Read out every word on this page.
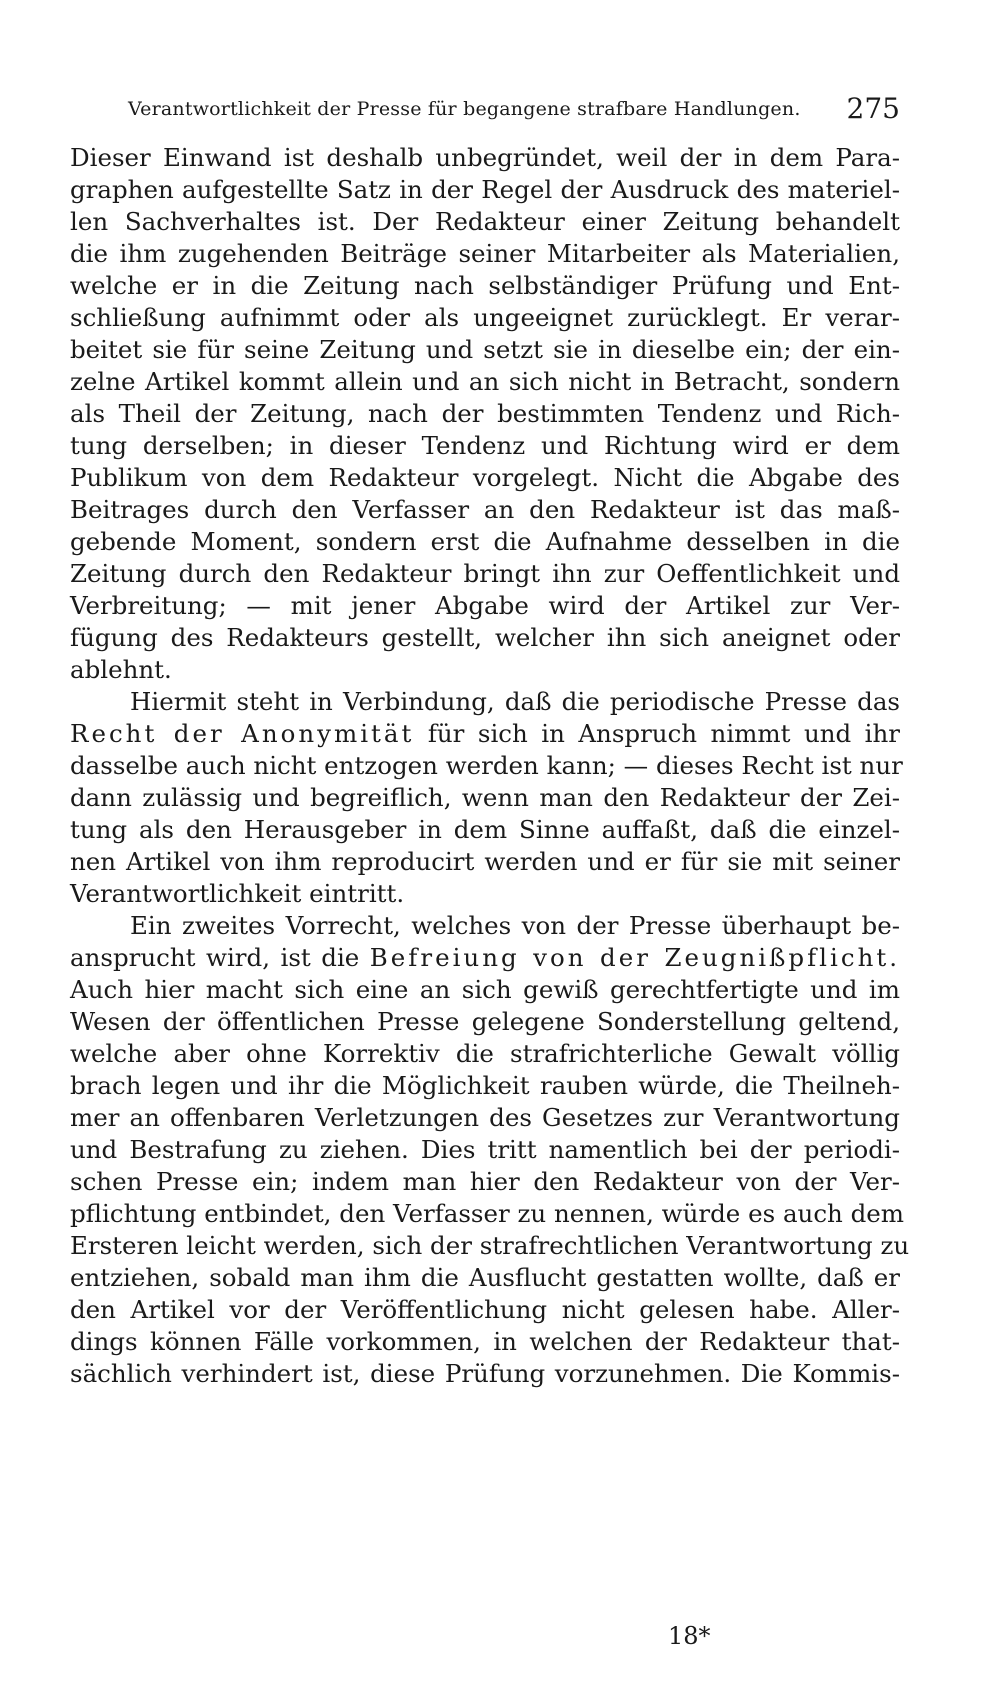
Verantwortlichkeit der Presse für begangene strafbare Handlungen. 275
Dieser Einwand ist deshalb unbegründet, weil der in dem Para-
graphen aufgestellte Satz in der Regel der Ausdruck des materiel-
len Sachverhaltes ist. Der Redakteur einer Zeitung behandelt
die ihm zugehenden Beiträge seiner Mitarbeiter als Materialien,
welche er in die Zeitung nach selbständiger Prüfung und Ent-
schließung aufnimmt oder als ungeeignet zurücklegt. Er verar-
beitet sie für seine Zeitung und setzt sie in dieselbe ein; der ein-
zelne Artikel kommt allein und an sich nicht in Betracht, sondern
als Theil der Zeitung, nach der bestimmten Tendenz und Rich-
tung derselben; in dieser Tendenz und Richtung wird er dem
Publikum von dem Redakteur vorgelegt. Nicht die Abgabe des
Beitrages durch den Verfasser an den Redakteur ist das maß-
gebende Moment, sondern erst die Aufnahme desselben in die
Zeitung durch den Redakteur bringt ihn zur Oeffentlichkeit und
Verbreitung; — mit jener Abgabe wird der Artikel zur Ver-
fügung des Redakteurs gestellt, welcher ihn sich aneignet oder
ablehnt.
Hiermit steht in Verbindung, daß die periodische Presse das
Recht der Anonymität für sich in Anspruch nimmt und ihr
dasselbe auch nicht entzogen werden kann; — dieses Recht ist nur
dann zulässig und begreiflich, wenn man den Redakteur der Zei-
tung als den Herausgeber in dem Sinne auffaßt, daß die einzel-
nen Artikel von ihm reproducirt werden und er für sie mit seiner
Verantwortlichkeit eintritt.
Ein zweites Vorrecht, welches von der Presse überhaupt be-
ansprucht wird, ist die Befreiung von der Zeugnißpflicht.
Auch hier macht sich eine an sich gewiß gerechtfertigte und im
Wesen der öffentlichen Presse gelegene Sonderstellung geltend,
welche aber ohne Korrektiv die strafrichterliche Gewalt völlig
brach legen und ihr die Möglichkeit rauben würde, die Theilneh-
mer an offenbaren Verletzungen des Gesetzes zur Verantwortung
und Bestrafung zu ziehen. Dies tritt namentlich bei der periodi-
schen Presse ein; indem man hier den Redakteur von der Ver-
pflichtung entbindet, den Verfasser zu nennen, würde es auch dem
Ersteren leicht werden, sich der strafrechtlichen Verantwortung zu
entziehen, sobald man ihm die Ausflucht gestatten wollte, daß er
den Artikel vor der Veröffentlichung nicht gelesen habe. Aller-
dings können Fälle vorkommen, in welchen der Redakteur that-
sächlich verhindert ist, diese Prüfung vorzunehmen. Die Kommis-
18*
